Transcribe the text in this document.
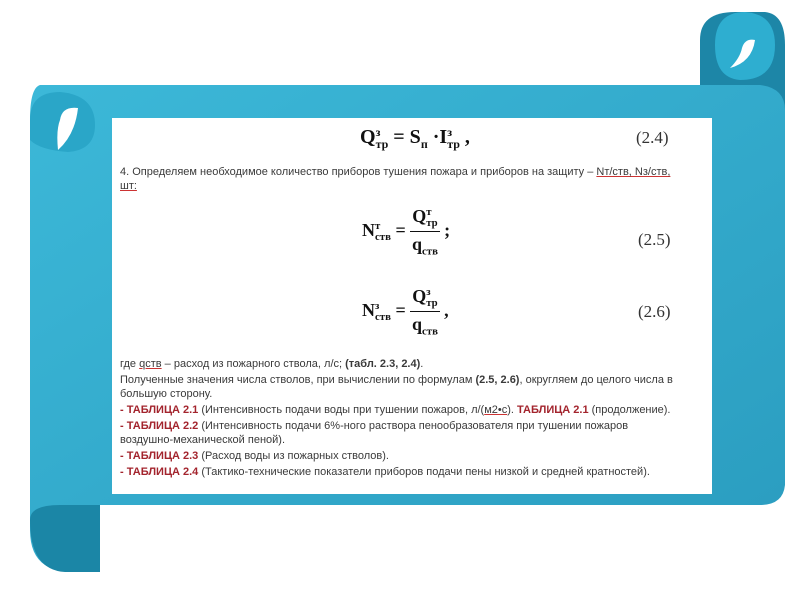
Q з
тр = $S_п \cdot I$ з
тр ,	(2.4)
4. Определяем необходимое количество приборов тушения пожара и приборов на защиту – Nт/ств, Nз/ств,
шт:
N т
ств = Q т
тр
$q_{ств}$ ;	(2.5)
N з
ств = Q з
тр
$q_{ств}$ ,	(2.6)
где qств – расход из пожарного ствола, л/с; (табл. 2.3, 2.4).
Полученные значения числа стволов, при вычислении по формулам (2.5, 2.6), округляем до целого числа в
большую сторону.
- ТАБЛИЦА 2.1 (Интенсивность подачи воды при тушении пожаров, л/(м2•с). ТАБЛИЦА 2.1 (продолжение).
- ТАБЛИЦА 2.2 (Интенсивность подачи 6%-ного раствора пенообразователя при тушении пожаров
воздушно-механической пеной).
- ТАБЛИЦА 2.3 (Расход воды из пожарных стволов).
- ТАБЛИЦА 2.4 (Тактико-технические показатели приборов подачи пены низкой и средней кратностей).
